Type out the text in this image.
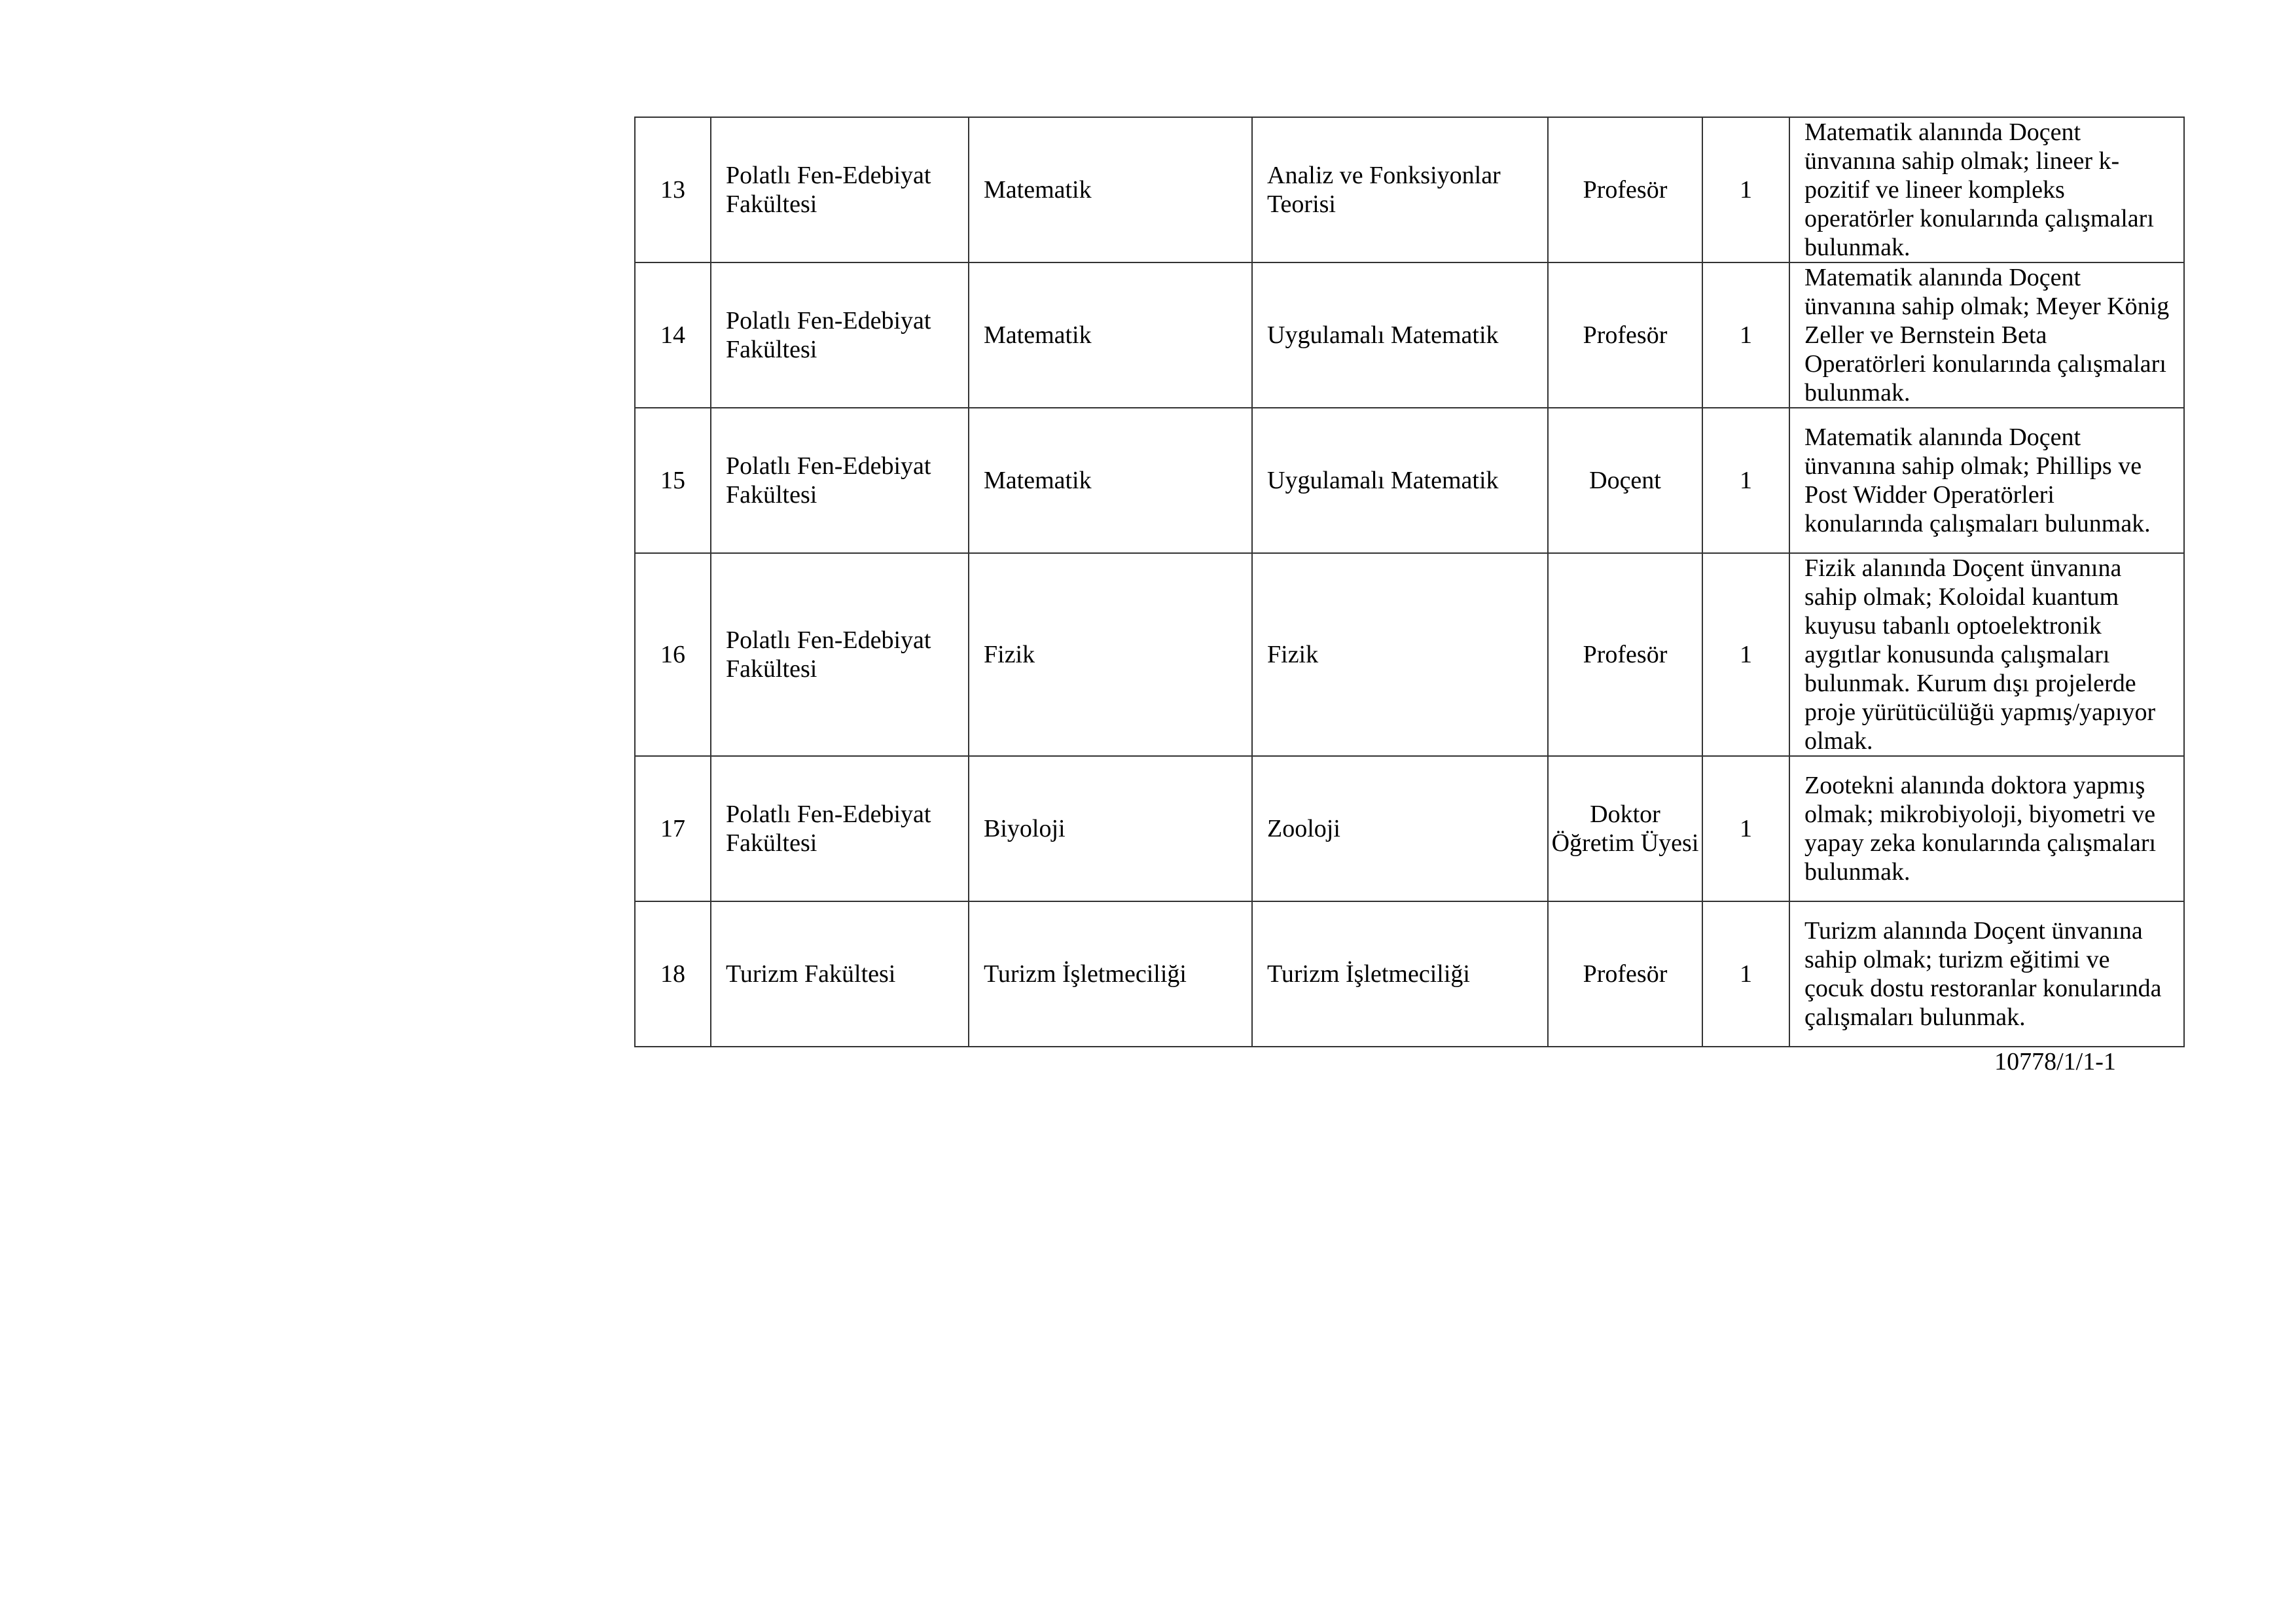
13	Polatlı Fen-Edebiyat Fakültesi	Matematik	Analiz ve Fonksiyonlar Teorisi	Profesör	1	Matematik alanında Doçent ünvanına sahip olmak; lineer k-pozitif ve lineer kompleks operatörler konularında çalışmaları bulunmak.

14	Polatlı Fen-Edebiyat Fakültesi	Matematik	Uygulamalı Matematik	Profesör	1	Matematik alanında Doçent ünvanına sahip olmak; Meyer König Zeller ve Bernstein Beta Operatörleri konularında çalışmaları bulunmak.

15	Polatlı Fen-Edebiyat Fakültesi	Matematik	Uygulamalı Matematik	Doçent	1	Matematik alanında Doçent ünvanına sahip olmak; Phillips ve Post Widder Operatörleri konularında çalışmaları bulunmak.

16	Polatlı Fen-Edebiyat Fakültesi	Fizik	Fizik	Profesör	1	Fizik alanında Doçent ünvanına sahip olmak; Koloidal kuantum kuyusu tabanlı optoelektronik aygıtlar konusunda çalışmaları bulunmak. Kurum dışı projelerde proje yürütücülüğü yapmış/yapıyor olmak.

17	Polatlı Fen-Edebiyat Fakültesi	Biyoloji	Zooloji	Doktor Öğretim Üyesi	1	Zootekni alanında doktora yapmış olmak; mikrobiyoloji, biyometri ve yapay zeka konularında çalışmaları bulunmak.

18	Turizm Fakültesi	Turizm İşletmeciliği	Turizm İşletmeciliği	Profesör	1	Turizm alanında Doçent ünvanına sahip olmak; turizm eğitimi ve çocuk dostu restoranlar konularında çalışmaları bulunmak.
10778/1/1-1
